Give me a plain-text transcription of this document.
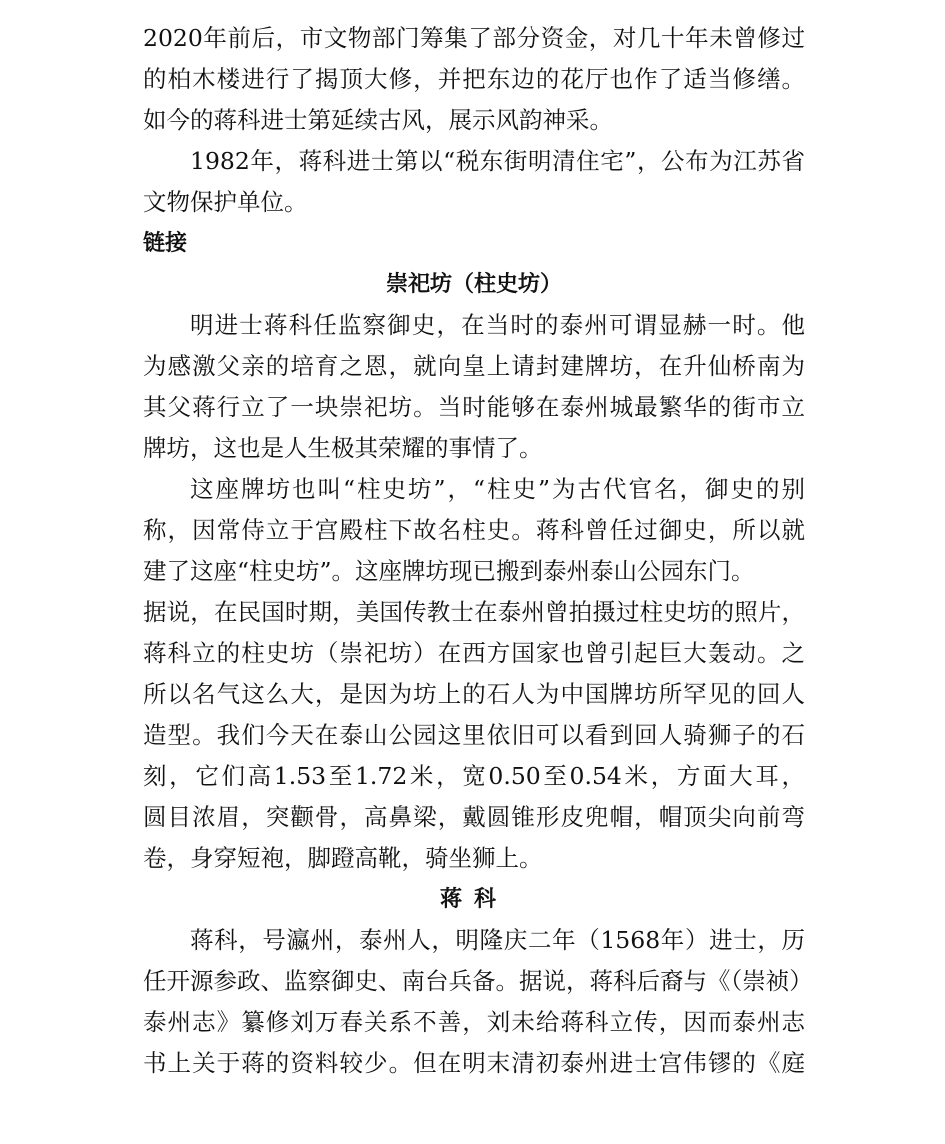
2020年前后，市文物部门筹集了部分资金，对几十年未曾修过
的柏木楼进行了揭顶大修，并把东边的花厅也作了适当修缮。
如今的蒋科进士第延续古风，展示风韵神采。
1982年，蒋科进士第以“税东街明清住宅”，公布为江苏省
文物保护单位。
链接
崇祀坊（柱史坊）
明进士蒋科任监察御史，在当时的泰州可谓显赫一时。他
为感激父亲的培育之恩，就向皇上请封建牌坊，在升仙桥南为
其父蒋行立了一块崇祀坊。当时能够在泰州城最繁华的街市立
牌坊，这也是人生极其荣耀的事情了。
这座牌坊也叫“柱史坊”，“柱史”为古代官名，御史的别
称，因常侍立于宫殿柱下故名柱史。蒋科曾任过御史，所以就
建了这座“柱史坊”。这座牌坊现已搬到泰州泰山公园东门。
据说，在民国时期，美国传教士在泰州曾拍摄过柱史坊的照片，
蒋科立的柱史坊（崇祀坊）在西方国家也曾引起巨大轰动。之
所以名气这么大，是因为坊上的石人为中国牌坊所罕见的回人
造型。我们今天在泰山公园这里依旧可以看到回人骑狮子的石
刻，它们高1.53至1.72米，宽0.50至0.54米，方面大耳，
圆目浓眉，突颧骨，高鼻梁，戴圆锥形皮兜帽，帽顶尖向前弯
卷，身穿短袍，脚蹬高靴，骑坐狮上。
蒋科
蒋科，号瀛州，泰州人，明隆庆二年（1568年）进士，历
任开源参政、监察御史、南台兵备。据说，蒋科后裔与《（崇祯）
泰州志》纂修刘万春关系不善，刘未给蒋科立传，因而泰州志
书上关于蒋的资料较少。但在明末清初泰州进士宫伟镠的《庭
